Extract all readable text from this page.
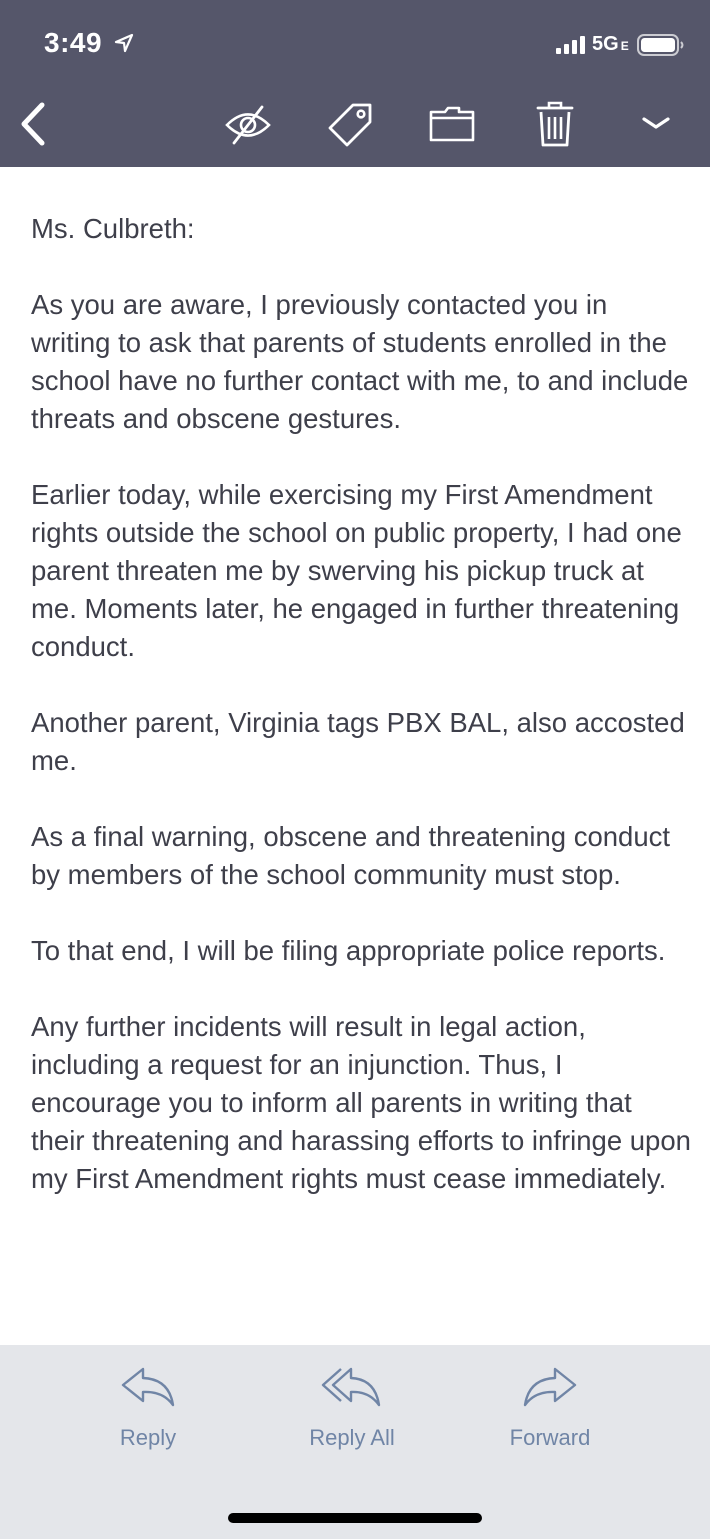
3:49	5G E

Ms. Culbreth:

As you are aware, I previously contacted you in writing to ask that parents of students enrolled in the school have no further contact with me, to and include threats and obscene gestures.

Earlier today, while exercising my First Amendment rights outside the school on public property, I had one parent threaten me by swerving his pickup truck at me. Moments later, he engaged in further threatening conduct.

Another parent, Virginia tags PBX BAL, also accosted me.

As a final warning, obscene and threatening conduct by members of the school community must stop.

To that end, I will be filing appropriate police reports.

Any further incidents will result in legal action, including a request for an injunction. Thus, I encourage you to inform all parents in writing that their threatening and harassing efforts to infringe upon my First Amendment rights must cease immediately.

Reply	Reply All	Forward
